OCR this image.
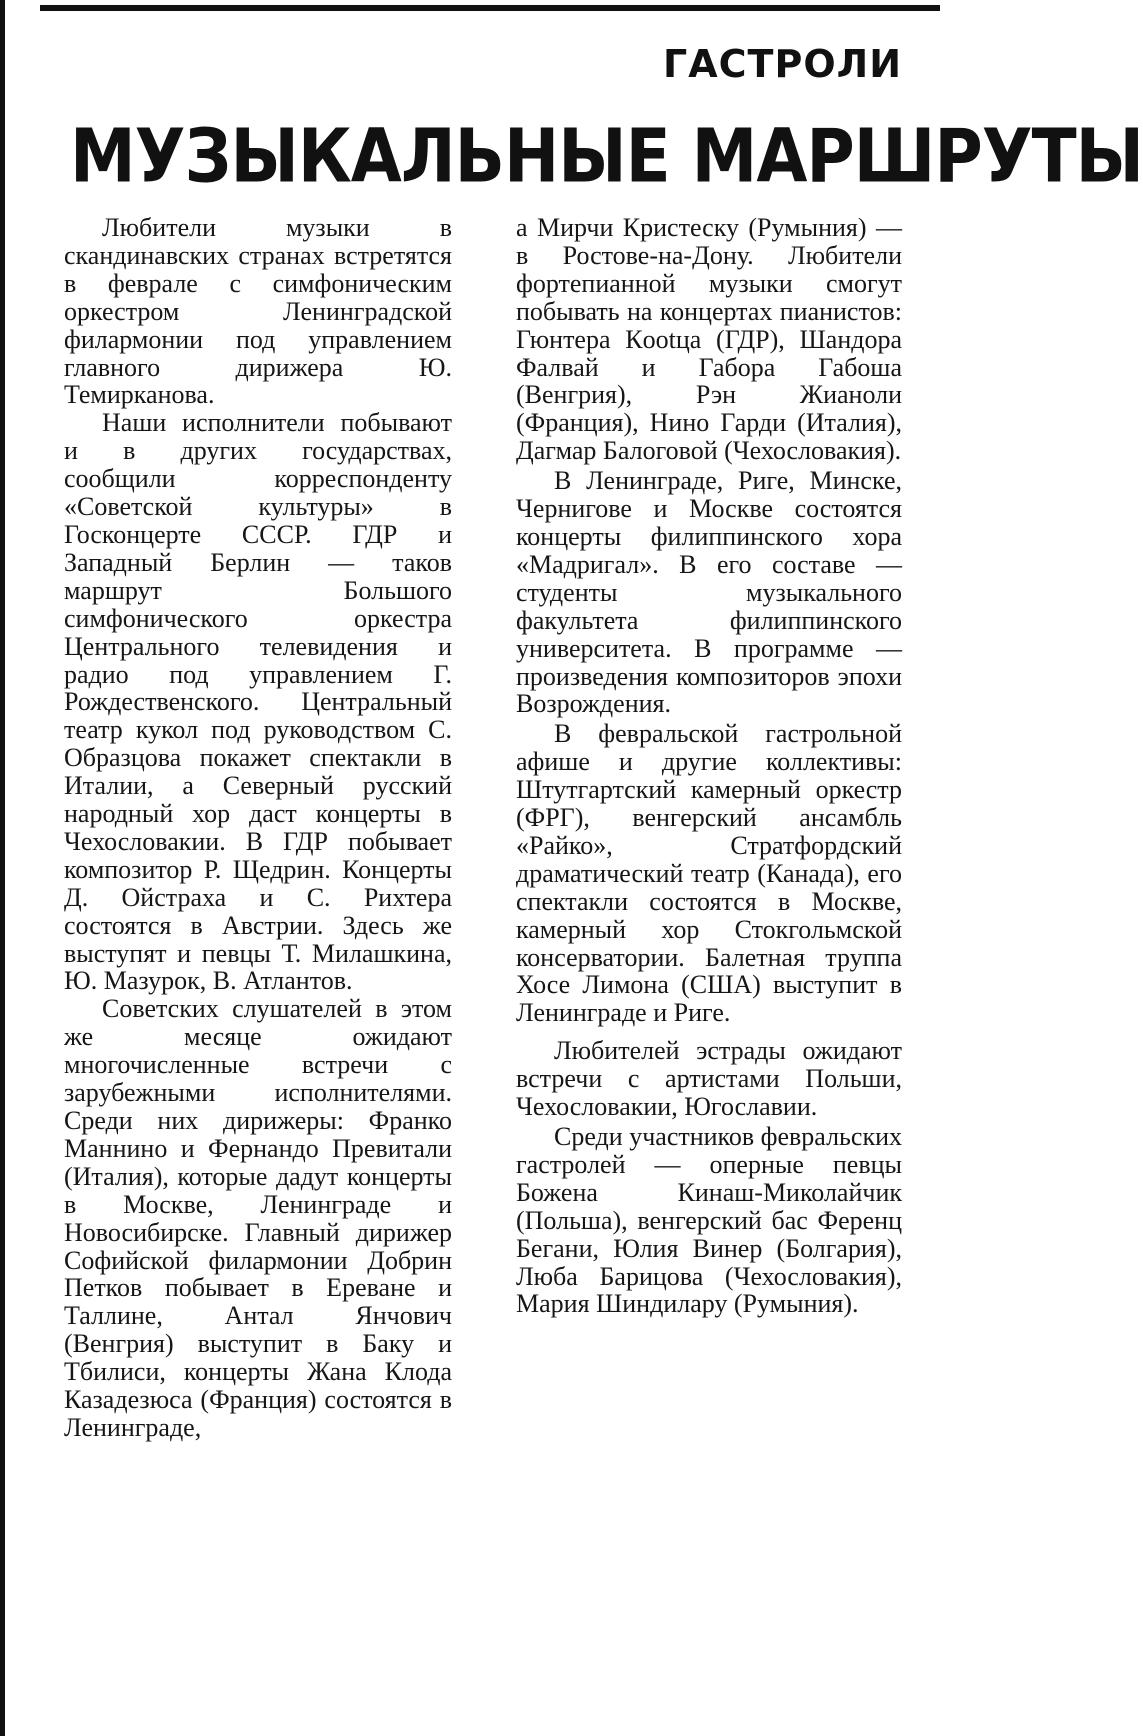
ГАСТРОЛИ
МУЗЫКАЛЬНЫЕ МАРШРУТЫ

Любители музыки в скандинавских странах встретятся в феврале с симфоническим оркестром Ленинградской филармонии под управлением главного дирижера Ю. Темирканова.

Наши исполнители побывают и в других государствах, сообщили корреспонденту «Советской культуры» в Госконцерте СССР. ГДР и Западный Берлин — таков маршрут Большого симфонического оркестра Центрального телевидения и радио под управлением Г. Рождественского. Центральный театр кукол под руководством С. Образцова покажет спектакли в Италии, а Северный русский народный хор даст концерты в Чехословакии. В ГДР побывает композитор Р. Щедрин. Концерты Д. Ойстраха и С. Рихтера состоятся в Австрии. Здесь же выступят и певцы Т. Милашкина, Ю. Мазурок, В. Атлантов.

Советских слушателей в этом же месяце ожидают многочисленные встречи с зарубежными исполнителями. Среди них дирижеры: Франко Маннино и Фернандо Превитали (Италия), которые дадут концерты в Москве, Ленинграде и Новосибирске. Главный дирижер Софийской филармонии Добрин Петков побывает в Ереване и Таллине, Антал Янчович (Венгрия) выступит в Баку и Тбилиси, концерты Жана Клода Казадезюса (Франция) состоятся в Ленинграде,

а Мирчи Кристеску (Румыния) — в Ростове-на-Дону. Любители фортепианной музыки смогут побывать на концертах пианистов: Гюнтера Кootца (ГДР), Шандора Фалвай и Габора Габоша (Венгрия), Рэн Жианоли (Франция), Нино Гарди (Италия), Дагмар Балоговой (Чехословакия).

В Ленинграде, Риге, Минске, Чернигове и Москве состоятся концерты филиппинского хора «Мадригал». В его составе — студенты музыкального факультета филиппинского университета. В программе — произведения композиторов эпохи Возрождения.

В февральской гастрольной афише и другие коллективы: Штутгартский камерный оркестр (ФРГ), венгерский ансамбль «Райко», Стратфордский драматический театр (Канада), его спектакли состоятся в Москве, камерный хор Стокгольмской консерватории. Балетная труппа Хосе Лимона (США) выступит в Ленинграде и Риге.

Любителей эстрады ожидают встречи с артистами Польши, Чехословакии, Югославии.

Среди участников февральских гастролей — оперные певцы Божена Кинаш-Миколайчик (Польша), венгерский бас Ференц Бегани, Юлия Винер (Болгария), Люба Барицова (Чехословакия), Мария Шиндилару (Румыния).
